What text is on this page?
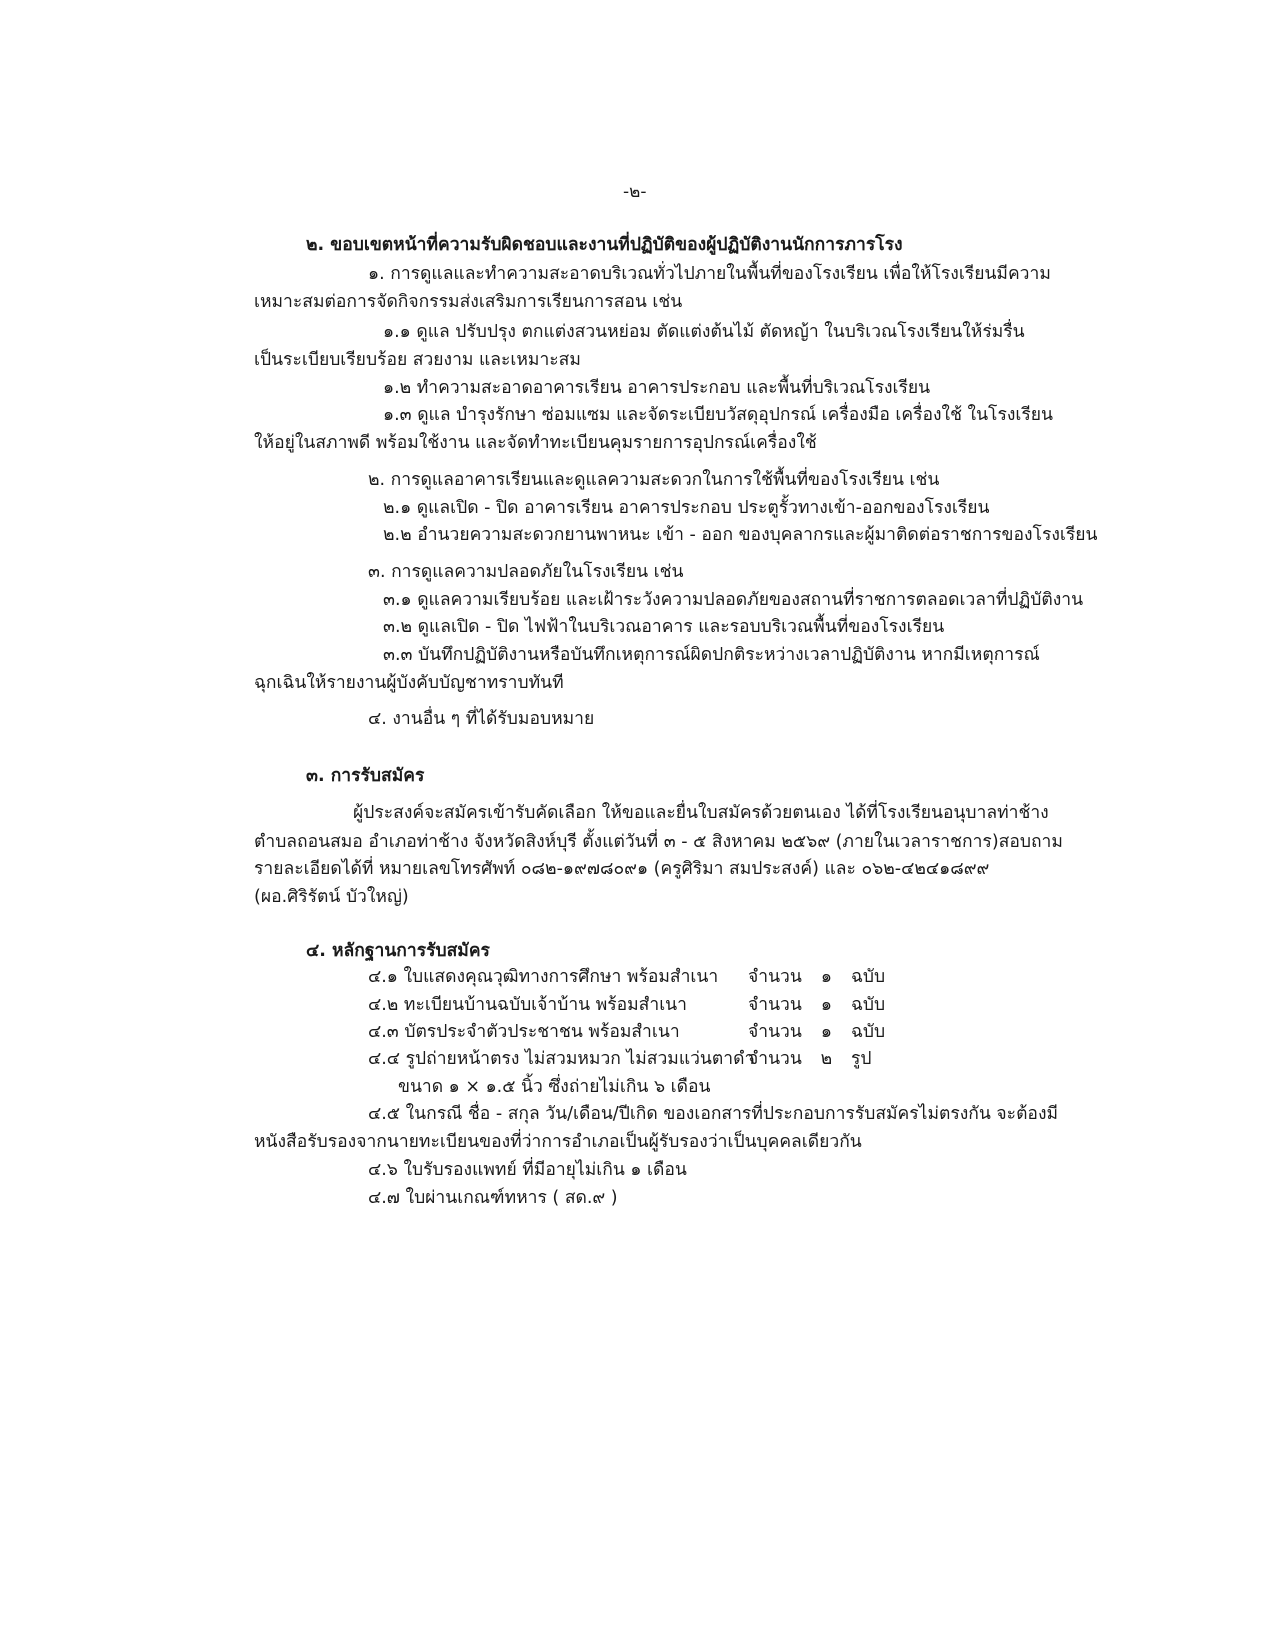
-๒-
๒. ขอบเขตหน้าที่ความรับผิดชอบและงานที่ปฏิบัติของผู้ปฏิบัติงานนักการภารโรง
๑. การดูแลและทำความสะอาดบริเวณทั่วไปภายในพื้นที่ของโรงเรียน เพื่อให้โรงเรียนมีความ
เหมาะสมต่อการจัดกิจกรรมส่งเสริมการเรียนการสอน เช่น
๑.๑ ดูแล ปรับปรุง ตกแต่งสวนหย่อม ตัดแต่งต้นไม้ ตัดหญ้า ในบริเวณโรงเรียนให้ร่มรื่น
เป็นระเบียบเรียบร้อย สวยงาม และเหมาะสม
๑.๒ ทำความสะอาดอาคารเรียน อาคารประกอบ และพื้นที่บริเวณโรงเรียน
๑.๓ ดูแล บำรุงรักษา ซ่อมแซม และจัดระเบียบวัสดุอุปกรณ์ เครื่องมือ เครื่องใช้ ในโรงเรียน
ให้อยู่ในสภาพดี พร้อมใช้งาน และจัดทำทะเบียนคุมรายการอุปกรณ์เครื่องใช้
๒. การดูแลอาคารเรียนและดูแลความสะดวกในการใช้พื้นที่ของโรงเรียน เช่น
๒.๑ ดูแลเปิด - ปิด อาคารเรียน อาคารประกอบ ประตูรั้วทางเข้า-ออกของโรงเรียน
๒.๒ อำนวยความสะดวกยานพาหนะ เข้า - ออก ของบุคลากรและผู้มาติดต่อราชการของโรงเรียน
๓. การดูแลความปลอดภัยในโรงเรียน เช่น
๓.๑ ดูแลความเรียบร้อย และเฝ้าระวังความปลอดภัยของสถานที่ราชการตลอดเวลาที่ปฏิบัติงาน
๓.๒ ดูแลเปิด - ปิด ไฟฟ้าในบริเวณอาคาร และรอบบริเวณพื้นที่ของโรงเรียน
๓.๓ บันทึกปฏิบัติงานหรือบันทึกเหตุการณ์ผิดปกติระหว่างเวลาปฏิบัติงาน หากมีเหตุการณ์
ฉุกเฉินให้รายงานผู้บังคับบัญชาทราบทันที
๔. งานอื่น ๆ ที่ได้รับมอบหมาย
๓. การรับสมัคร
ผู้ประสงค์จะสมัครเข้ารับคัดเลือก ให้ขอและยื่นใบสมัครด้วยตนเอง ได้ที่โรงเรียนอนุบาลท่าช้าง
ตำบลถอนสมอ อำเภอท่าช้าง จังหวัดสิงห์บุรี ตั้งแต่วันที่ ๓ - ๕ สิงหาคม ๒๕๖๙ (ภายในเวลาราชการ)สอบถาม
รายละเอียดได้ที่ หมายเลขโทรศัพท์ ๐๘๒-๑๙๗๘๐๙๑ (ครูศิริมา สมประสงค์) และ ๐๖๒-๔๒๔๑๘๙๙
(ผอ.ศิริรัตน์ บัวใหญ่)
๔. หลักฐานการรับสมัคร
๔.๑ ใบแสดงคุณวุฒิทางการศึกษา พร้อมสำเนา จำนวน ๑ ฉบับ
๔.๒ ทะเบียนบ้านฉบับเจ้าบ้าน พร้อมสำเนา	จำนวน ๑ ฉบับ
๔.๓ บัตรประจำตัวประชาชน พร้อมสำเนา	จำนวน ๑ ฉบับ
๔.๔ รูปถ่ายหน้าตรง ไม่สวมหมวก ไม่สวมแว่นตาดำ
จำนวน ๒ รูป
ขนาด ๑ × ๑.๕ นิ้ว ซึ่งถ่ายไม่เกิน ๖ เดือน
๔.๕ ในกรณี ชื่อ - สกุล วัน/เดือน/ปีเกิด ของเอกสารที่ประกอบการรับสมัครไม่ตรงกัน จะต้องมี
หนังสือรับรองจากนายทะเบียนของที่ว่าการอำเภอเป็นผู้รับรองว่าเป็นบุคคลเดียวกัน
๔.๖ ใบรับรองแพทย์ ที่มีอายุไม่เกิน ๑ เดือน
๔.๗ ใบผ่านเกณฑ์ทหาร ( สด.๙ )
